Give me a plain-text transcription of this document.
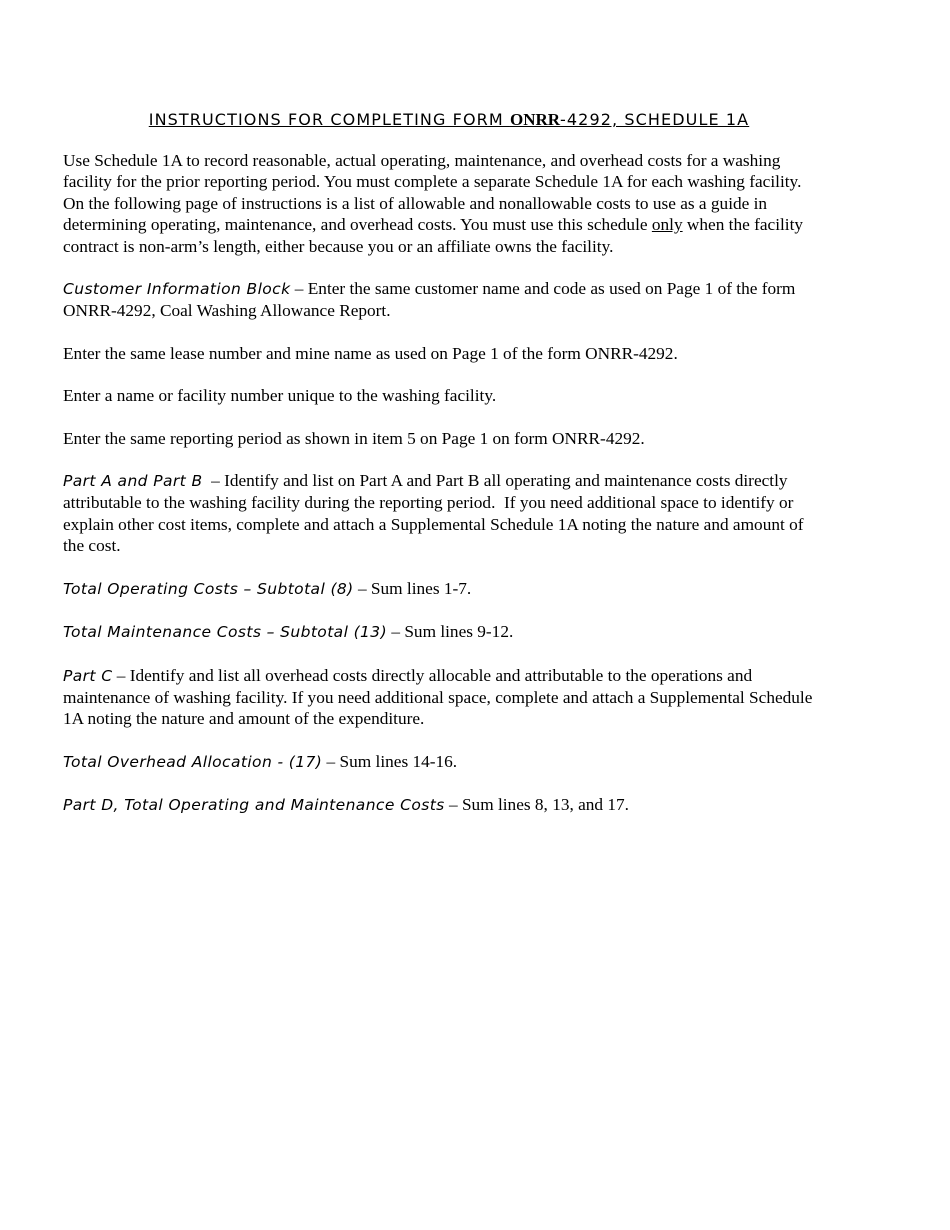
INSTRUCTIONS FOR COMPLETING FORM ONRR-4292, SCHEDULE 1A

Use Schedule 1A to record reasonable, actual operating, maintenance, and overhead costs for a washing facility for the prior reporting period. You must complete a separate Schedule 1A for each washing facility. On the following page of instructions is a list of allowable and nonallowable costs to use as a guide in determining operating, maintenance, and overhead costs. You must use this schedule only when the facility contract is non-arm’s length, either because you or an affiliate owns the facility.

Customer Information Block – Enter the same customer name and code as used on Page 1 of the form ONRR-4292, Coal Washing Allowance Report.

Enter the same lease number and mine name as used on Page 1 of the form ONRR-4292.

Enter a name or facility number unique to the washing facility.

Enter the same reporting period as shown in item 5 on Page 1 on form ONRR-4292.

Part A and Part B  – Identify and list on Part A and Part B all operating and maintenance costs directly attributable to the washing facility during the reporting period.  If you need additional space to identify or explain other cost items, complete and attach a Supplemental Schedule 1A noting the nature and amount of the cost.

Total Operating Costs – Subtotal (8) – Sum lines 1-7.

Total Maintenance Costs – Subtotal (13) – Sum lines 9-12.

Part C – Identify and list all overhead costs directly allocable and attributable to the operations and maintenance of washing facility. If you need additional space, complete and attach a Supplemental Schedule 1A noting the nature and amount of the expenditure.

Total Overhead Allocation - (17) – Sum lines 14-16.

Part D, Total Operating and Maintenance Costs – Sum lines 8, 13, and 17.
